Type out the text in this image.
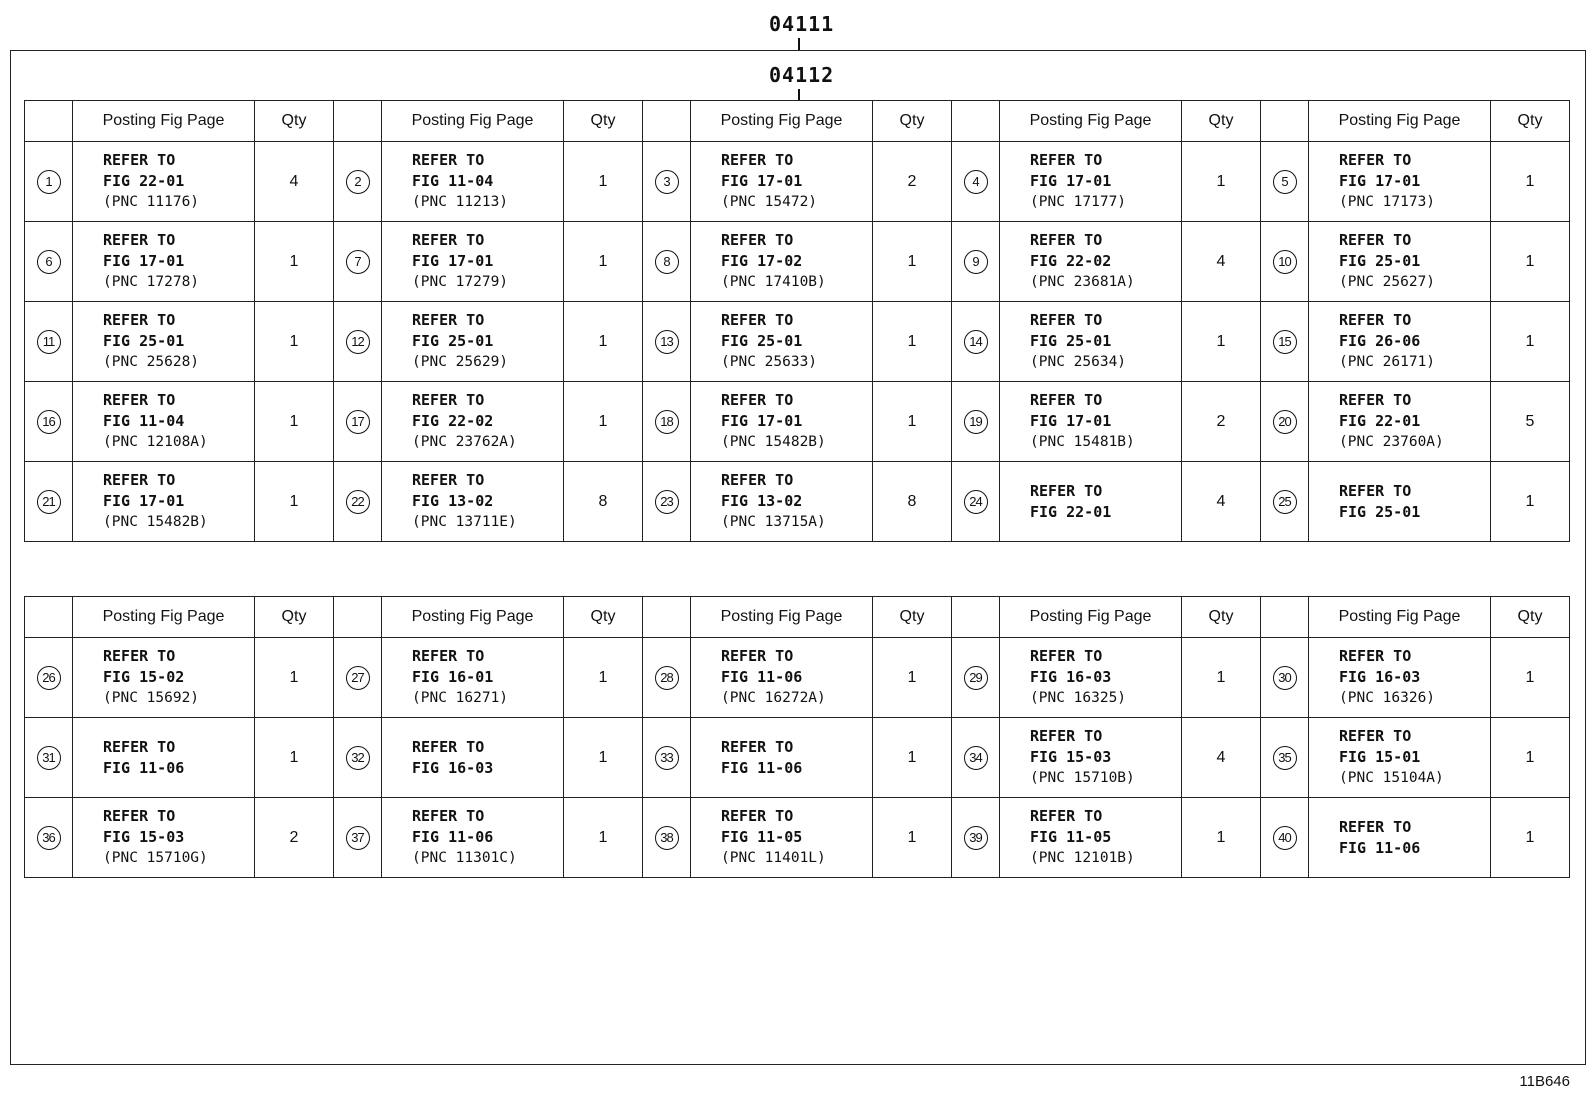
04111
04112
	Posting Fig Page	Qty		Posting Fig Page	Qty		Posting Fig Page	Qty		Posting Fig Page	Qty		Posting Fig Page	Qty
1	REFER TO
FIG 22-01
(PNC 11176)	4	2	REFER TO
FIG 11-04
(PNC 11213)	1	3	REFER TO
FIG 17-01
(PNC 15472)	2	4	REFER TO
FIG 17-01
(PNC 17177)	1	5	REFER TO
FIG 17-01
(PNC 17173)	1
6	REFER TO
FIG 17-01
(PNC 17278)	1	7	REFER TO
FIG 17-01
(PNC 17279)	1	8	REFER TO
FIG 17-02
(PNC 17410B)	1	9	REFER TO
FIG 22-02
(PNC 23681A)	4	10	REFER TO
FIG 25-01
(PNC 25627)	1
11	REFER TO
FIG 25-01
(PNC 25628)	1	12	REFER TO
FIG 25-01
(PNC 25629)	1	13	REFER TO
FIG 25-01
(PNC 25633)	1	14	REFER TO
FIG 25-01
(PNC 25634)	1	15	REFER TO
FIG 26-06
(PNC 26171)	1
16	REFER TO
FIG 11-04
(PNC 12108A)	1	17	REFER TO
FIG 22-02
(PNC 23762A)	1	18	REFER TO
FIG 17-01
(PNC 15482B)	1	19	REFER TO
FIG 17-01
(PNC 15481B)	2	20	REFER TO
FIG 22-01
(PNC 23760A)	5
21	REFER TO
FIG 17-01
(PNC 15482B)	1	22	REFER TO
FIG 13-02
(PNC 13711E)	8	23	REFER TO
FIG 13-02
(PNC 13715A)	8	24	REFER TO
FIG 22-01	4	25	REFER TO
FIG 25-01	1
	Posting Fig Page	Qty		Posting Fig Page	Qty		Posting Fig Page	Qty		Posting Fig Page	Qty		Posting Fig Page	Qty
26	REFER TO
FIG 15-02
(PNC 15692)	1	27	REFER TO
FIG 16-01
(PNC 16271)	1	28	REFER TO
FIG 11-06
(PNC 16272A)	1	29	REFER TO
FIG 16-03
(PNC 16325)	1	30	REFER TO
FIG 16-03
(PNC 16326)	1
31	REFER TO
FIG 11-06	1	32	REFER TO
FIG 16-03	1	33	REFER TO
FIG 11-06	1	34	REFER TO
FIG 15-03
(PNC 15710B)	4	35	REFER TO
FIG 15-01
(PNC 15104A)	1
36	REFER TO
FIG 15-03
(PNC 15710G)	2	37	REFER TO
FIG 11-06
(PNC 11301C)	1	38	REFER TO
FIG 11-05
(PNC 11401L)	1	39	REFER TO
FIG 11-05
(PNC 12101B)	1	40	REFER TO
FIG 11-06	1
11B646
